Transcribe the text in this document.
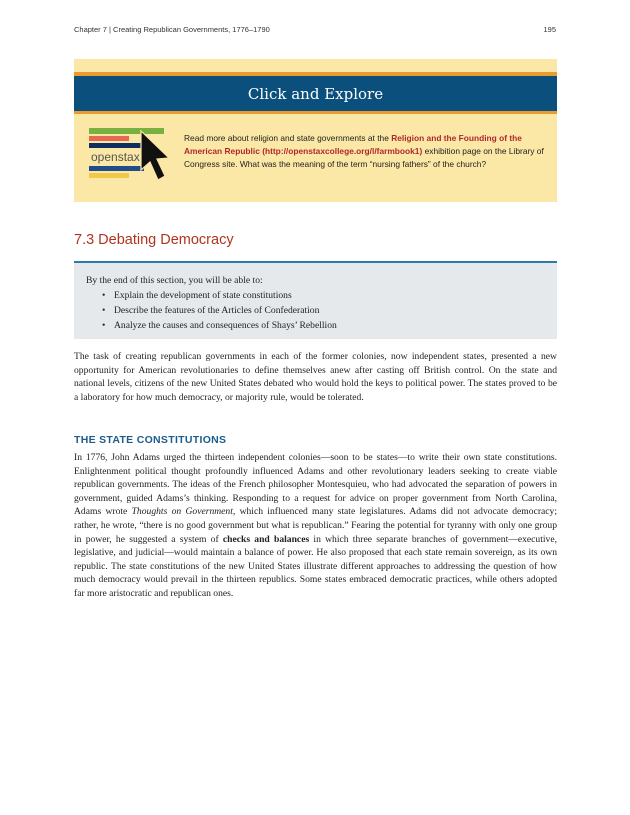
Chapter 7 | Creating Republican Governments, 1776–1790	195
Click and Explore
openstax
Read more about religion and state governments at the Religion and the Founding of the American Republic (http://openstaxcollege.org/l/farmbook1) exhibition page on the Library of Congress site. What was the meaning of the term “nursing fathers” of the church?
7.3 Debating Democracy
By the end of this section, you will be able to:
• Explain the development of state constitutions
• Describe the features of the Articles of Confederation
• Analyze the causes and consequences of Shays’ Rebellion

The task of creating republican governments in each of the former colonies, now independent states, presented a new opportunity for American revolutionaries to define themselves anew after casting off British control. On the state and national levels, citizens of the new United States debated who would hold the keys to political power. The states proved to be a laboratory for how much democracy, or majority rule, would be tolerated.

THE STATE CONSTITUTIONS

In 1776, John Adams urged the thirteen independent colonies—soon to be states—to write their own state constitutions. Enlightenment political thought profoundly influenced Adams and other revolutionary leaders seeking to create viable republican governments. The ideas of the French philosopher Montesquieu, who had advocated the separation of powers in government, guided Adams’s thinking. Responding to a request for advice on proper government from North Carolina, Adams wrote Thoughts on Government, which influenced many state legislatures. Adams did not advocate democracy; rather, he wrote, “there is no good government but what is republican.” Fearing the potential for tyranny with only one group in power, he suggested a system of checks and balances in which three separate branches of government—executive, legislative, and judicial—would maintain a balance of power. He also proposed that each state remain sovereign, as its own republic. The state constitutions of the new United States illustrate different approaches to addressing the question of how much democracy would prevail in the thirteen republics. Some states embraced democratic practices, while others adopted far more aristocratic and republican ones.
